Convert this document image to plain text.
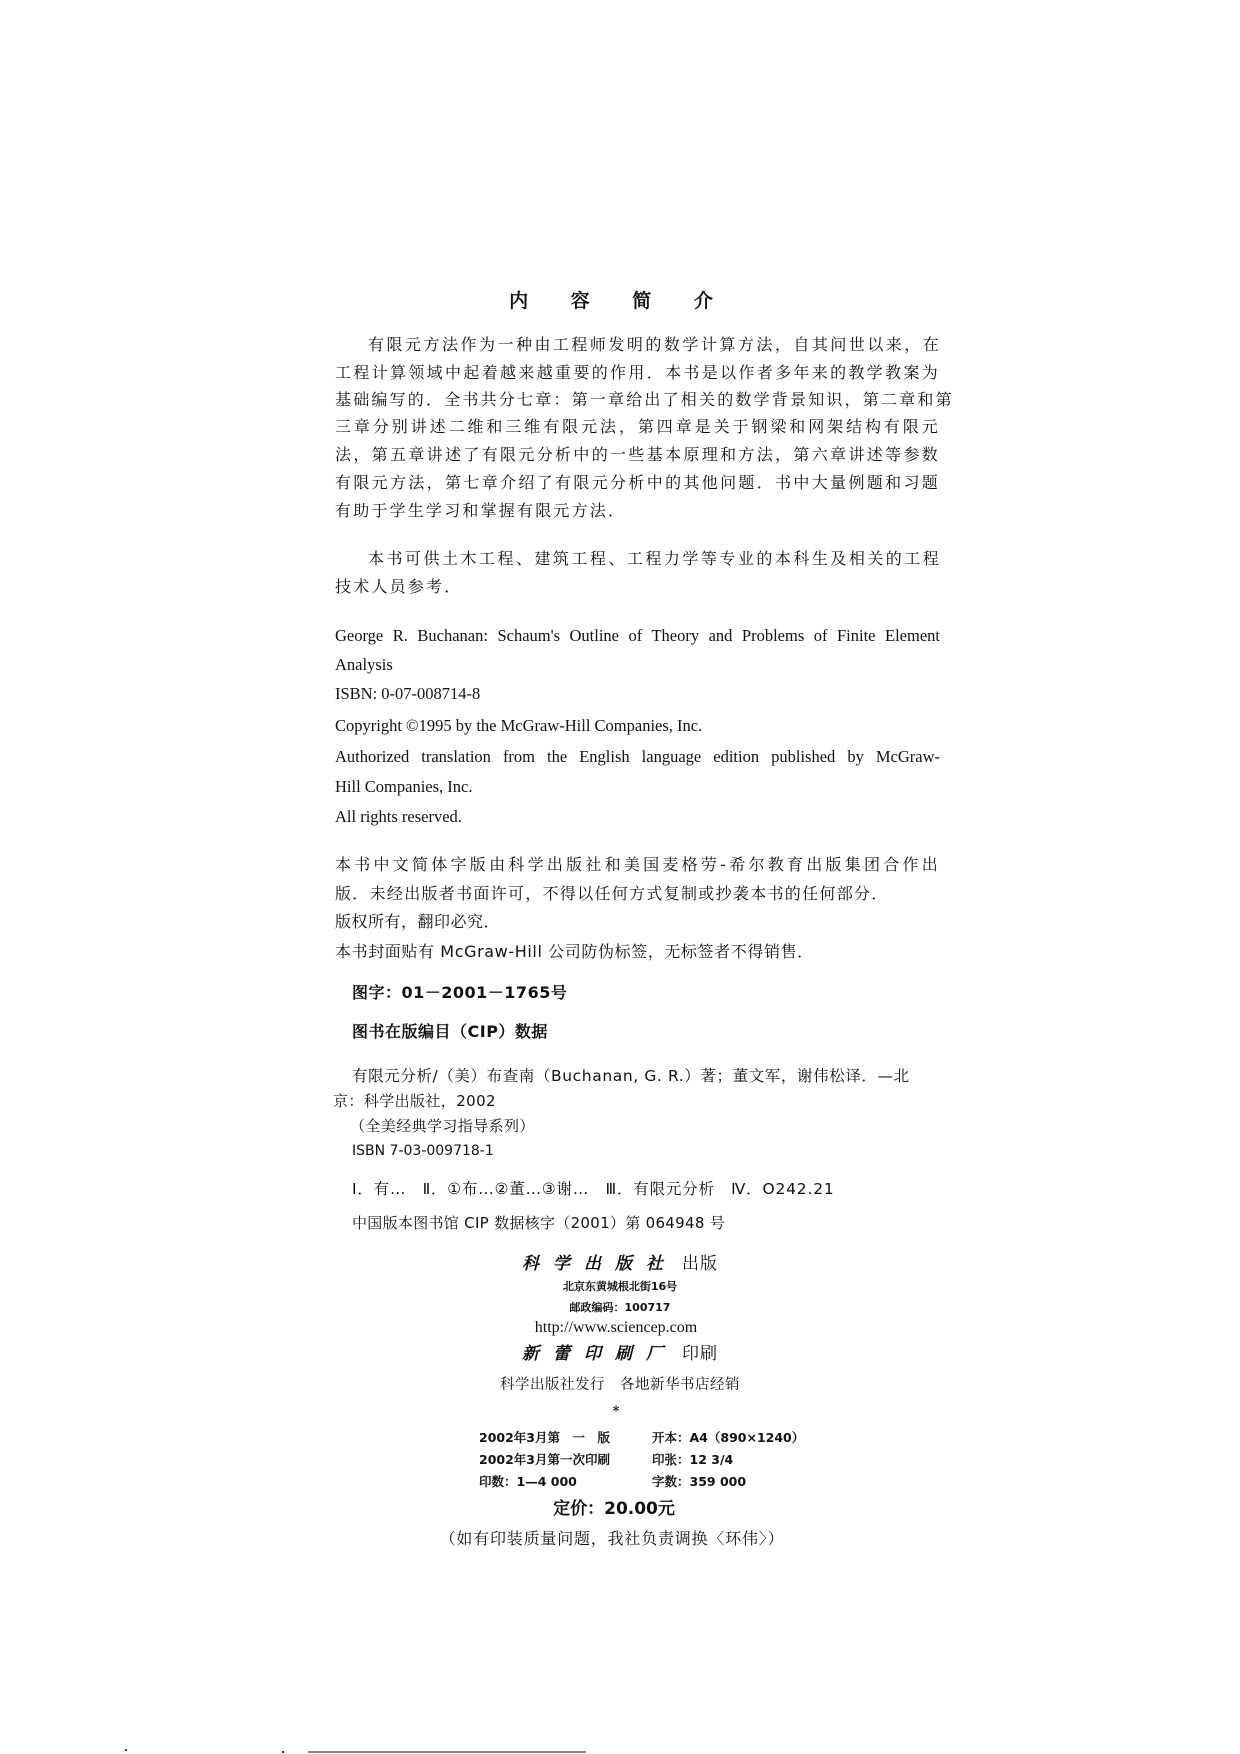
内 容 简 介
有限元方法作为一种由工程师发明的数学计算方法，自其问世以来，在
工程计算领域中起着越来越重要的作用．本书是以作者多年来的教学教案为
基础编写的．全书共分七章：第一章给出了相关的数学背景知识，第二章和第
三章分别讲述二维和三维有限元法，第四章是关于钢梁和网架结构有限元
法，第五章讲述了有限元分析中的一些基本原理和方法，第六章讲述等参数
有限元方法，第七章介绍了有限元分析中的其他问题．书中大量例题和习题
有助于学生学习和掌握有限元方法．
本书可供土木工程、建筑工程、工程力学等专业的本科生及相关的工程
技术人员参考．
George R. Buchanan: Schaum's Outline of Theory and Problems of Finite Element
Analysis
ISBN: 0-07-008714-8
Copyright ©1995 by the McGraw-Hill Companies, Inc.
Authorized translation from the English language edition published by McGraw-
Hill Companies, Inc.
All rights reserved.
本书中文简体字版由科学出版社和美国麦格劳-希尔教育出版集团合作出
版．未经出版者书面许可，不得以任何方式复制或抄袭本书的任何部分．
版权所有，翻印必究．
本书封面贴有 McGraw-Hill 公司防伪标签，无标签者不得销售．
图字：01－2001－1765号
图书在版编目（CIP）数据
有限元分析/（美）布查南（Buchanan, G. R.）著；董文军，谢伟松译．—北
京：科学出版社，2002
（全美经典学习指导系列）
ISBN 7-03-009718-1
Ⅰ．有…　Ⅱ．①布…②董…③谢…　Ⅲ．有限元分析　Ⅳ．O242.21
中国版本图书馆 CIP 数据核字（2001）第 064948 号
科学出版社 出版
北京东黄城根北街16号
邮政编码：100717
http://www.sciencep.com
新蕾印刷厂 印刷
科学出版社发行　各地新华书店经销
*
2002年3月第　一　版	开本：A4（890×1240）
2002年3月第一次印刷	印张：12 3/4
印数：1—4 000	字数：359 000
定价：20.00元
（如有印装质量问题，我社负责调换〈环伟〉）
